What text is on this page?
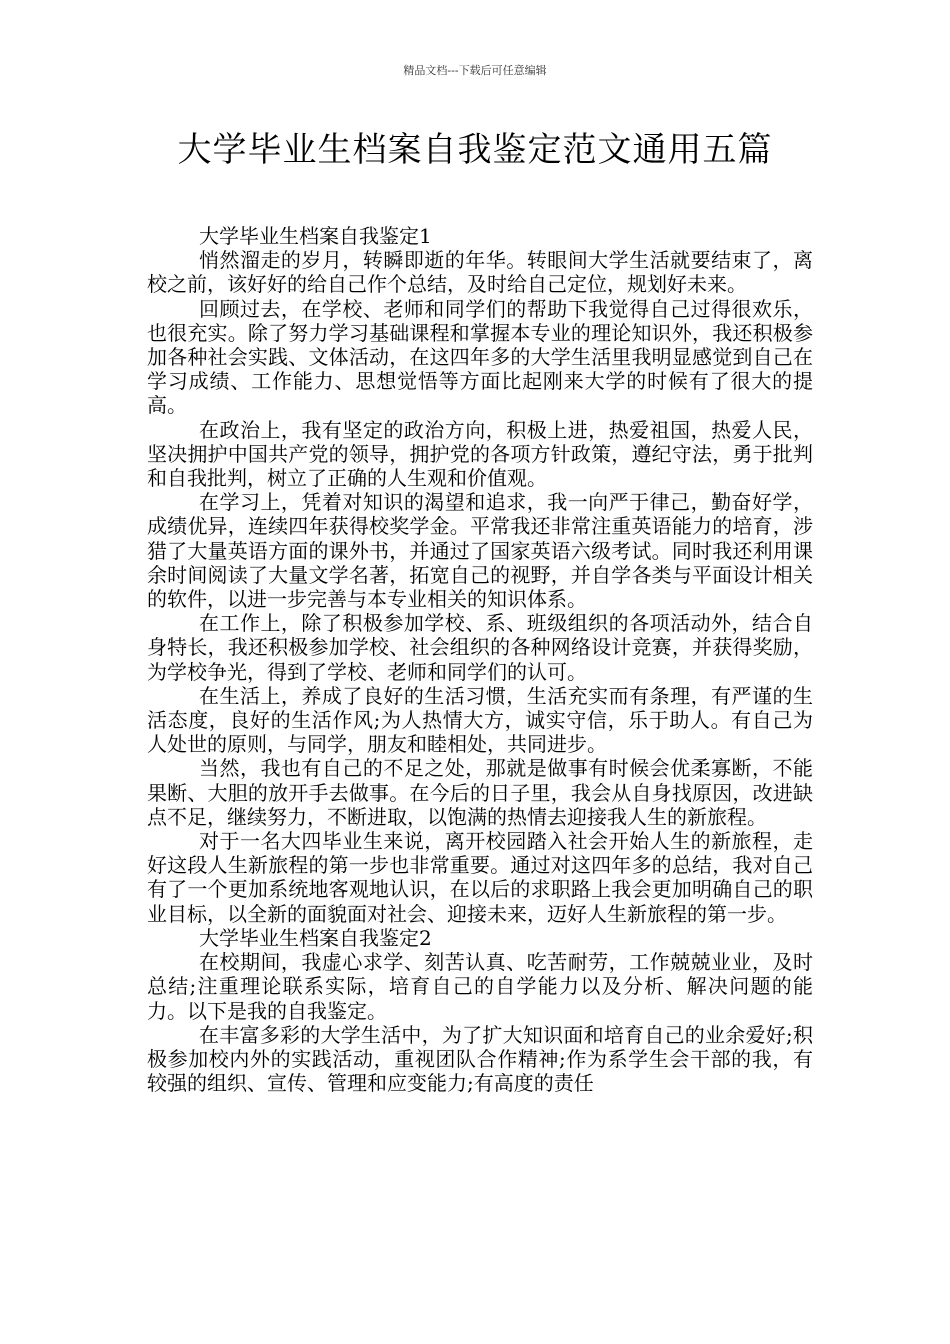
精品文档---下载后可任意编辑
大学毕业生档案自我鉴定范文通用五篇

大学毕业生档案自我鉴定1

悄然溜走的岁月，转瞬即逝的年华。转眼间大学生活就要结束了，离校之前，该好好的给自己作个总结，及时给自己定位，规划好未来。

回顾过去，在学校、老师和同学们的帮助下我觉得自己过得很欢乐，也很充实。除了努力学习基础课程和掌握本专业的理论知识外，我还积极参加各种社会实践、文体活动，在这四年多的大学生活里我明显感觉到自己在学习成绩、工作能力、思想觉悟等方面比起刚来大学的时候有了很大的提高。

在政治上，我有坚定的政治方向，积极上进，热爱祖国，热爱人民，坚决拥护中国共产党的领导，拥护党的各项方针政策，遵纪守法，勇于批判和自我批判，树立了正确的人生观和价值观。

在学习上，凭着对知识的渴望和追求，我一向严于律己，勤奋好学，成绩优异，连续四年获得校奖学金。平常我还非常注重英语能力的培育，涉猎了大量英语方面的课外书，并通过了国家英语六级考试。同时我还利用课余时间阅读了大量文学名著，拓宽自己的视野，并自学各类与平面设计相关的软件，以进一步完善与本专业相关的知识体系。

在工作上，除了积极参加学校、系、班级组织的各项活动外，结合自身特长，我还积极参加学校、社会组织的各种网络设计竞赛，并获得奖励，为学校争光，得到了学校、老师和同学们的认可。

在生活上，养成了良好的生活习惯，生活充实而有条理，有严谨的生活态度，良好的生活作风;为人热情大方，诚实守信，乐于助人。有自己为人处世的原则，与同学，朋友和睦相处，共同进步。

当然，我也有自己的不足之处，那就是做事有时候会优柔寡断，不能果断、大胆的放开手去做事。在今后的日子里，我会从自身找原因，改进缺点不足，继续努力，不断进取，以饱满的热情去迎接我人生的新旅程。

对于一名大四毕业生来说，离开校园踏入社会开始人生的新旅程，走好这段人生新旅程的第一步也非常重要。通过对这四年多的总结，我对自己有了一个更加系统地客观地认识，在以后的求职路上我会更加明确自己的职业目标，以全新的面貌面对社会、迎接未来，迈好人生新旅程的第一步。

大学毕业生档案自我鉴定2

在校期间，我虚心求学、刻苦认真、吃苦耐劳，工作兢兢业业，及时总结;注重理论联系实际，培育自己的自学能力以及分析、解决问题的能力。以下是我的自我鉴定。

在丰富多彩的大学生活中，为了扩大知识面和培育自己的业余爱好;积极参加校内外的实践活动，重视团队合作精神;作为系学生会干部的我，有较强的组织、宣传、管理和应变能力;有高度的责任
